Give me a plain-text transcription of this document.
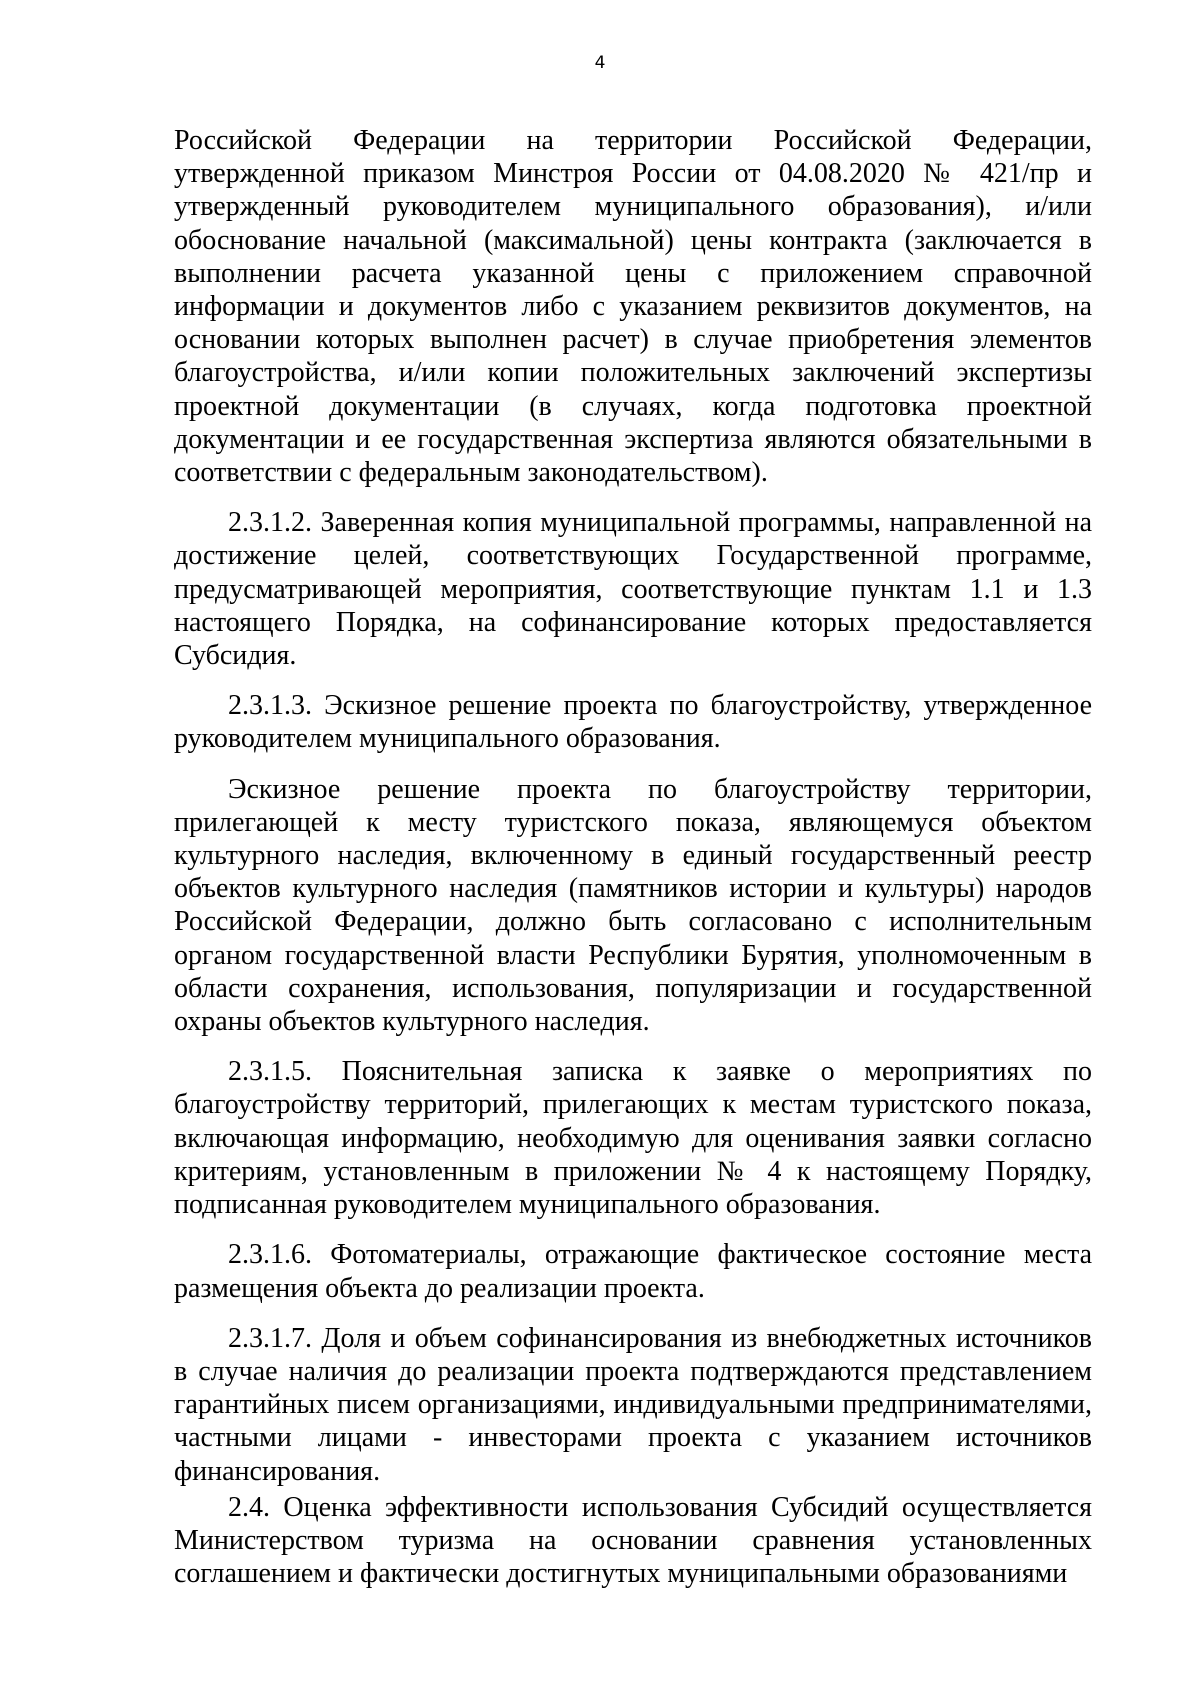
4

Российской Федерации на территории Российской Федерации, утвержденной приказом Минстроя России от 04.08.2020 № 421/пр и утвержденный руководителем муниципального образования), и/или обоснование начальной (максимальной) цены контракта (заключается в выполнении расчета указанной цены с приложением справочной информации и документов либо с указанием реквизитов документов, на основании которых выполнен расчет) в случае приобретения элементов благоустройства, и/или копии положительных заключений экспертизы проектной документации (в случаях, когда подготовка проектной документации и ее государственная экспертиза являются обязательными в соответствии с федеральным законодательством).

2.3.1.2. Заверенная копия муниципальной программы, направленной на достижение целей, соответствующих Государственной программе, предусматривающей мероприятия, соответствующие пунктам 1.1 и 1.3 настоящего Порядка, на софинансирование которых предоставляется Субсидия.

2.3.1.3. Эскизное решение проекта по благоустройству, утвержденное руководителем муниципального образования.

Эскизное решение проекта по благоустройству территории, прилегающей к месту туристского показа, являющемуся объектом культурного наследия, включенному в единый государственный реестр объектов культурного наследия (памятников истории и культуры) народов Российской Федерации, должно быть согласовано с исполнительным органом государственной власти Республики Бурятия, уполномоченным в области сохранения, использования, популяризации и государственной охраны объектов культурного наследия.

2.3.1.5. Пояснительная записка к заявке о мероприятиях по благоустройству территорий, прилегающих к местам туристского показа, включающая информацию, необходимую для оценивания заявки согласно критериям, установленным в приложении № 4 к настоящему Порядку, подписанная руководителем муниципального образования.

2.3.1.6. Фотоматериалы, отражающие фактическое состояние места размещения объекта до реализации проекта.

2.3.1.7. Доля и объем софинансирования из внебюджетных источников в случае наличия до реализации проекта подтверждаются представлением гарантийных писем организациями, индивидуальными предпринимателями, частными лицами - инвесторами проекта с указанием источников финансирования.

2.4. Оценка эффективности использования Субсидий осуществляется Министерством туризма на основании сравнения установленных соглашением и фактически достигнутых муниципальными образованиями
